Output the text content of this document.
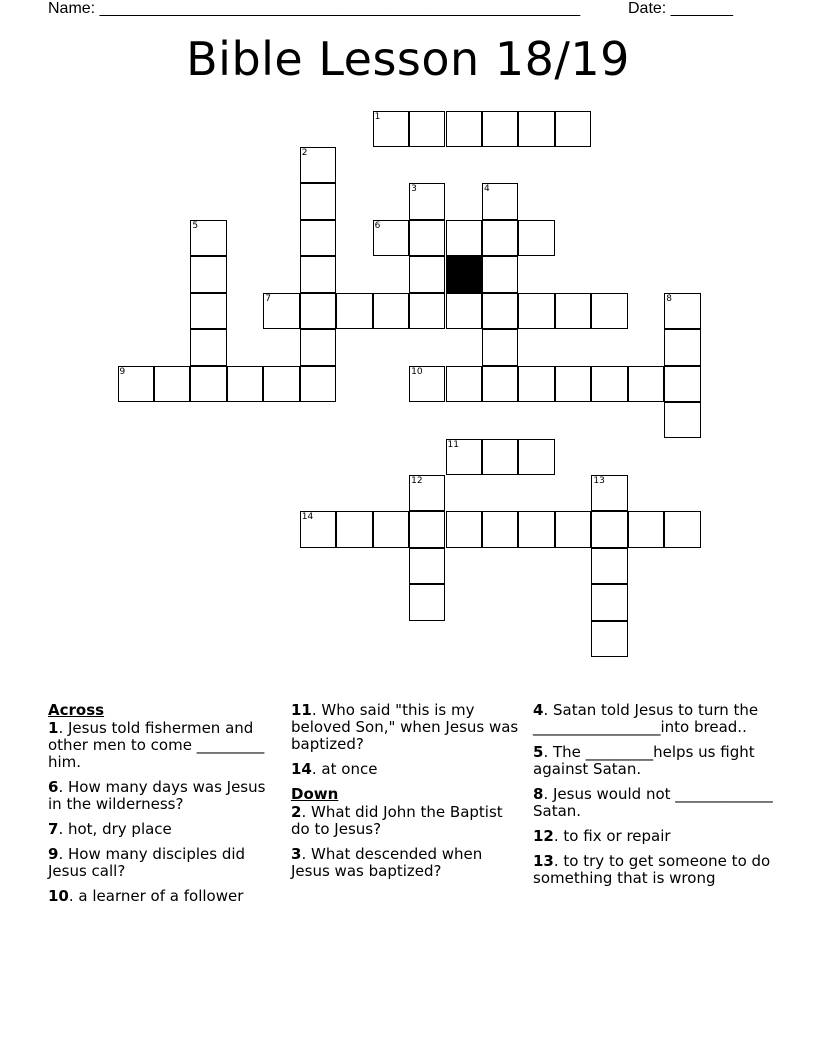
Name: ______________________________________________________	Date: _______
Bible Lesson 18/19
1
2
3	4
5	6
7	8
9	10
11
12	13
14
Across
1. Jesus told fishermen and other men to come _________ him.
6. How many days was Jesus in the wilderness?
7. hot, dry place
9. How many disciples did Jesus call?
10. a learner of a follower
11. Who said "this is my beloved Son," when Jesus was baptized?
14. at once
Down
2. What did John the Baptist do to Jesus?
3. What descended when Jesus was baptized?
4. Satan told Jesus to turn the _________________into bread..
5. The _________helps us fight against Satan.
8. Jesus would not _____________ Satan.
12. to fix or repair
13. to try to get someone to do something that is wrong
